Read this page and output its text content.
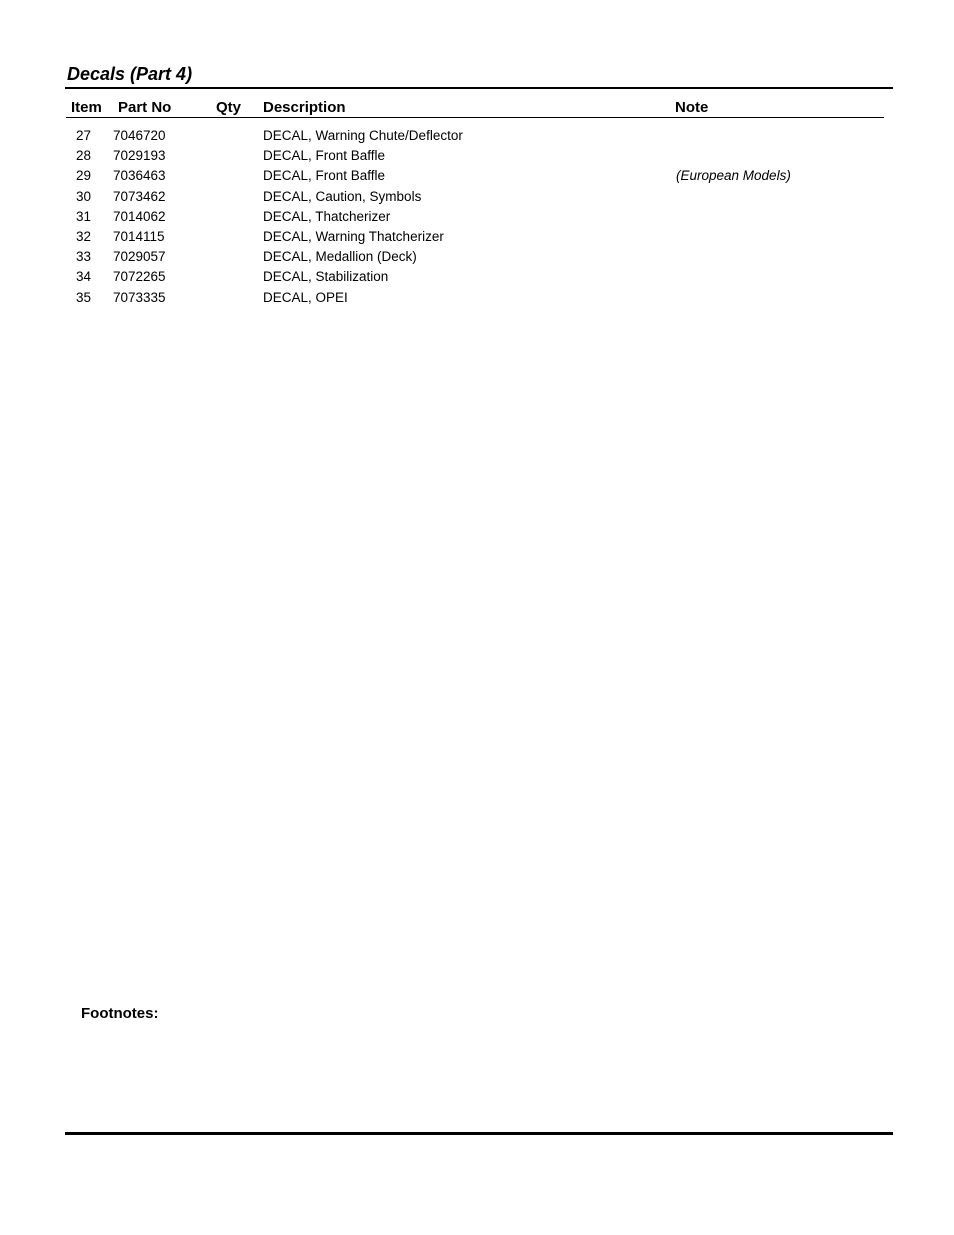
Decals (Part 4)
Item Part No	Qty Description	Note
27 7046720	DECAL, Warning Chute/Deflector
28 7029193	DECAL, Front Baffle
29 7036463	DECAL, Front Baffle	(European Models)
30 7073462	DECAL, Caution, Symbols
31 7014062	DECAL, Thatcherizer
32 7014115	DECAL, Warning Thatcherizer
33 7029057	DECAL, Medallion (Deck)
34 7072265	DECAL, Stabilization
35 7073335	DECAL, OPEI
Footnotes:
